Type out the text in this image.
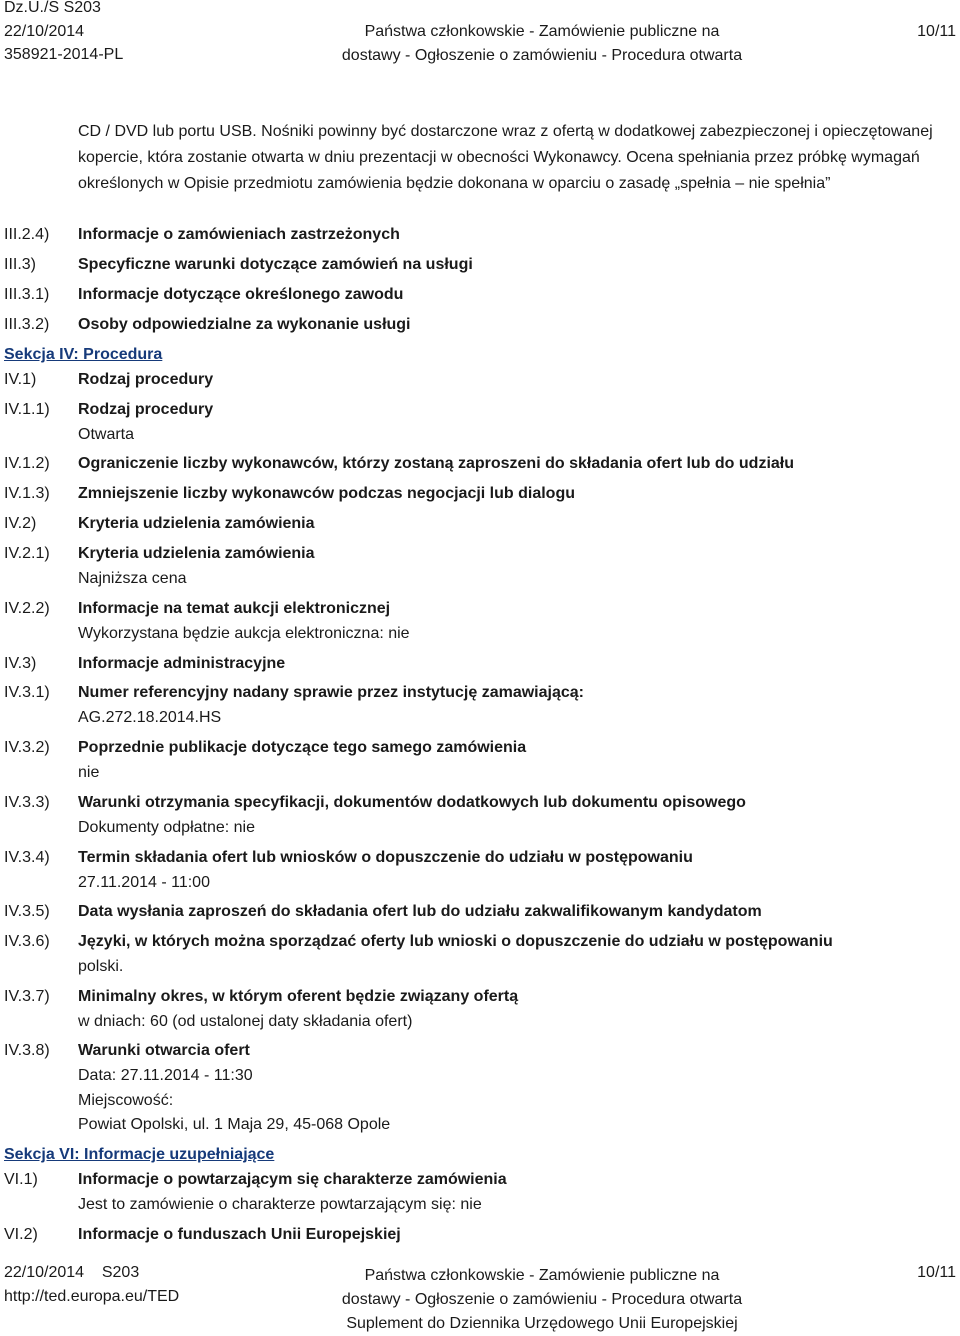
Dz.U./S S203
22/10/2014
358921-2014-PL
Państwa członkowskie - Zamówienie publiczne na
dostawy - Ogłoszenie o zamówieniu - Procedura otwarta
10/11
CD / DVD lub portu USB. Nośniki powinny być dostarczone wraz z ofertą w dodatkowej zabezpieczonej i opieczętowanej kopercie, która zostanie otwarta w dniu prezentacji w obecności Wykonawcy. Ocena spełniania przez próbkę wymagań określonych w Opisie przedmiotu zamówienia będzie dokonana w oparciu o zasadę „spełnia – nie spełnia”
III.2.4) Informacje o zamówieniach zastrzeżonych
III.3)	Specyficzne warunki dotyczące zamówień na usługi
III.3.1) Informacje dotyczące określonego zawodu
III.3.2) Osoby odpowiedzialne za wykonanie usługi
Sekcja IV: Procedura
IV.1)	Rodzaj procedury
IV.1.1) Rodzaj procedury
Otwarta
IV.1.2) Ograniczenie liczby wykonawców, którzy zostaną zaproszeni do składania ofert lub do udziału
IV.1.3) Zmniejszenie liczby wykonawców podczas negocjacji lub dialogu
IV.2)	Kryteria udzielenia zamówienia
IV.2.1) Kryteria udzielenia zamówienia
Najniższa cena
IV.2.2) Informacje na temat aukcji elektronicznej
Wykorzystana będzie aukcja elektroniczna: nie
IV.3)	Informacje administracyjne
IV.3.1) Numer referencyjny nadany sprawie przez instytucję zamawiającą:
AG.272.18.2014.HS
IV.3.2) Poprzednie publikacje dotyczące tego samego zamówienia
nie
IV.3.3) Warunki otrzymania specyfikacji, dokumentów dodatkowych lub dokumentu opisowego
Dokumenty odpłatne: nie
IV.3.4) Termin składania ofert lub wniosków o dopuszczenie do udziału w postępowaniu
27.11.2014 - 11:00
IV.3.5) Data wysłania zaproszeń do składania ofert lub do udziału zakwalifikowanym kandydatom
IV.3.6) Języki, w których można sporządzać oferty lub wnioski o dopuszczenie do udziału w postępowaniu
polski.
IV.3.7) Minimalny okres, w którym oferent będzie związany ofertą
w dniach: 60 (od ustalonej daty składania ofert)
IV.3.8) Warunki otwarcia ofert
Data: 27.11.2014 - 11:30
Miejscowość:
Powiat Opolski, ul. 1 Maja 29, 45-068 Opole
Sekcja VI: Informacje uzupełniające
VI.1)	Informacje o powtarzającym się charakterze zamówienia
Jest to zamówienie o charakterze powtarzającym się: nie
VI.2)	Informacje o funduszach Unii Europejskiej
22/10/2014    S203
http://ted.europa.eu/TED
Państwa członkowskie - Zamówienie publiczne na
dostawy - Ogłoszenie o zamówieniu - Procedura otwarta
Suplement do Dziennika Urzędowego Unii Europejskiej
10/11
